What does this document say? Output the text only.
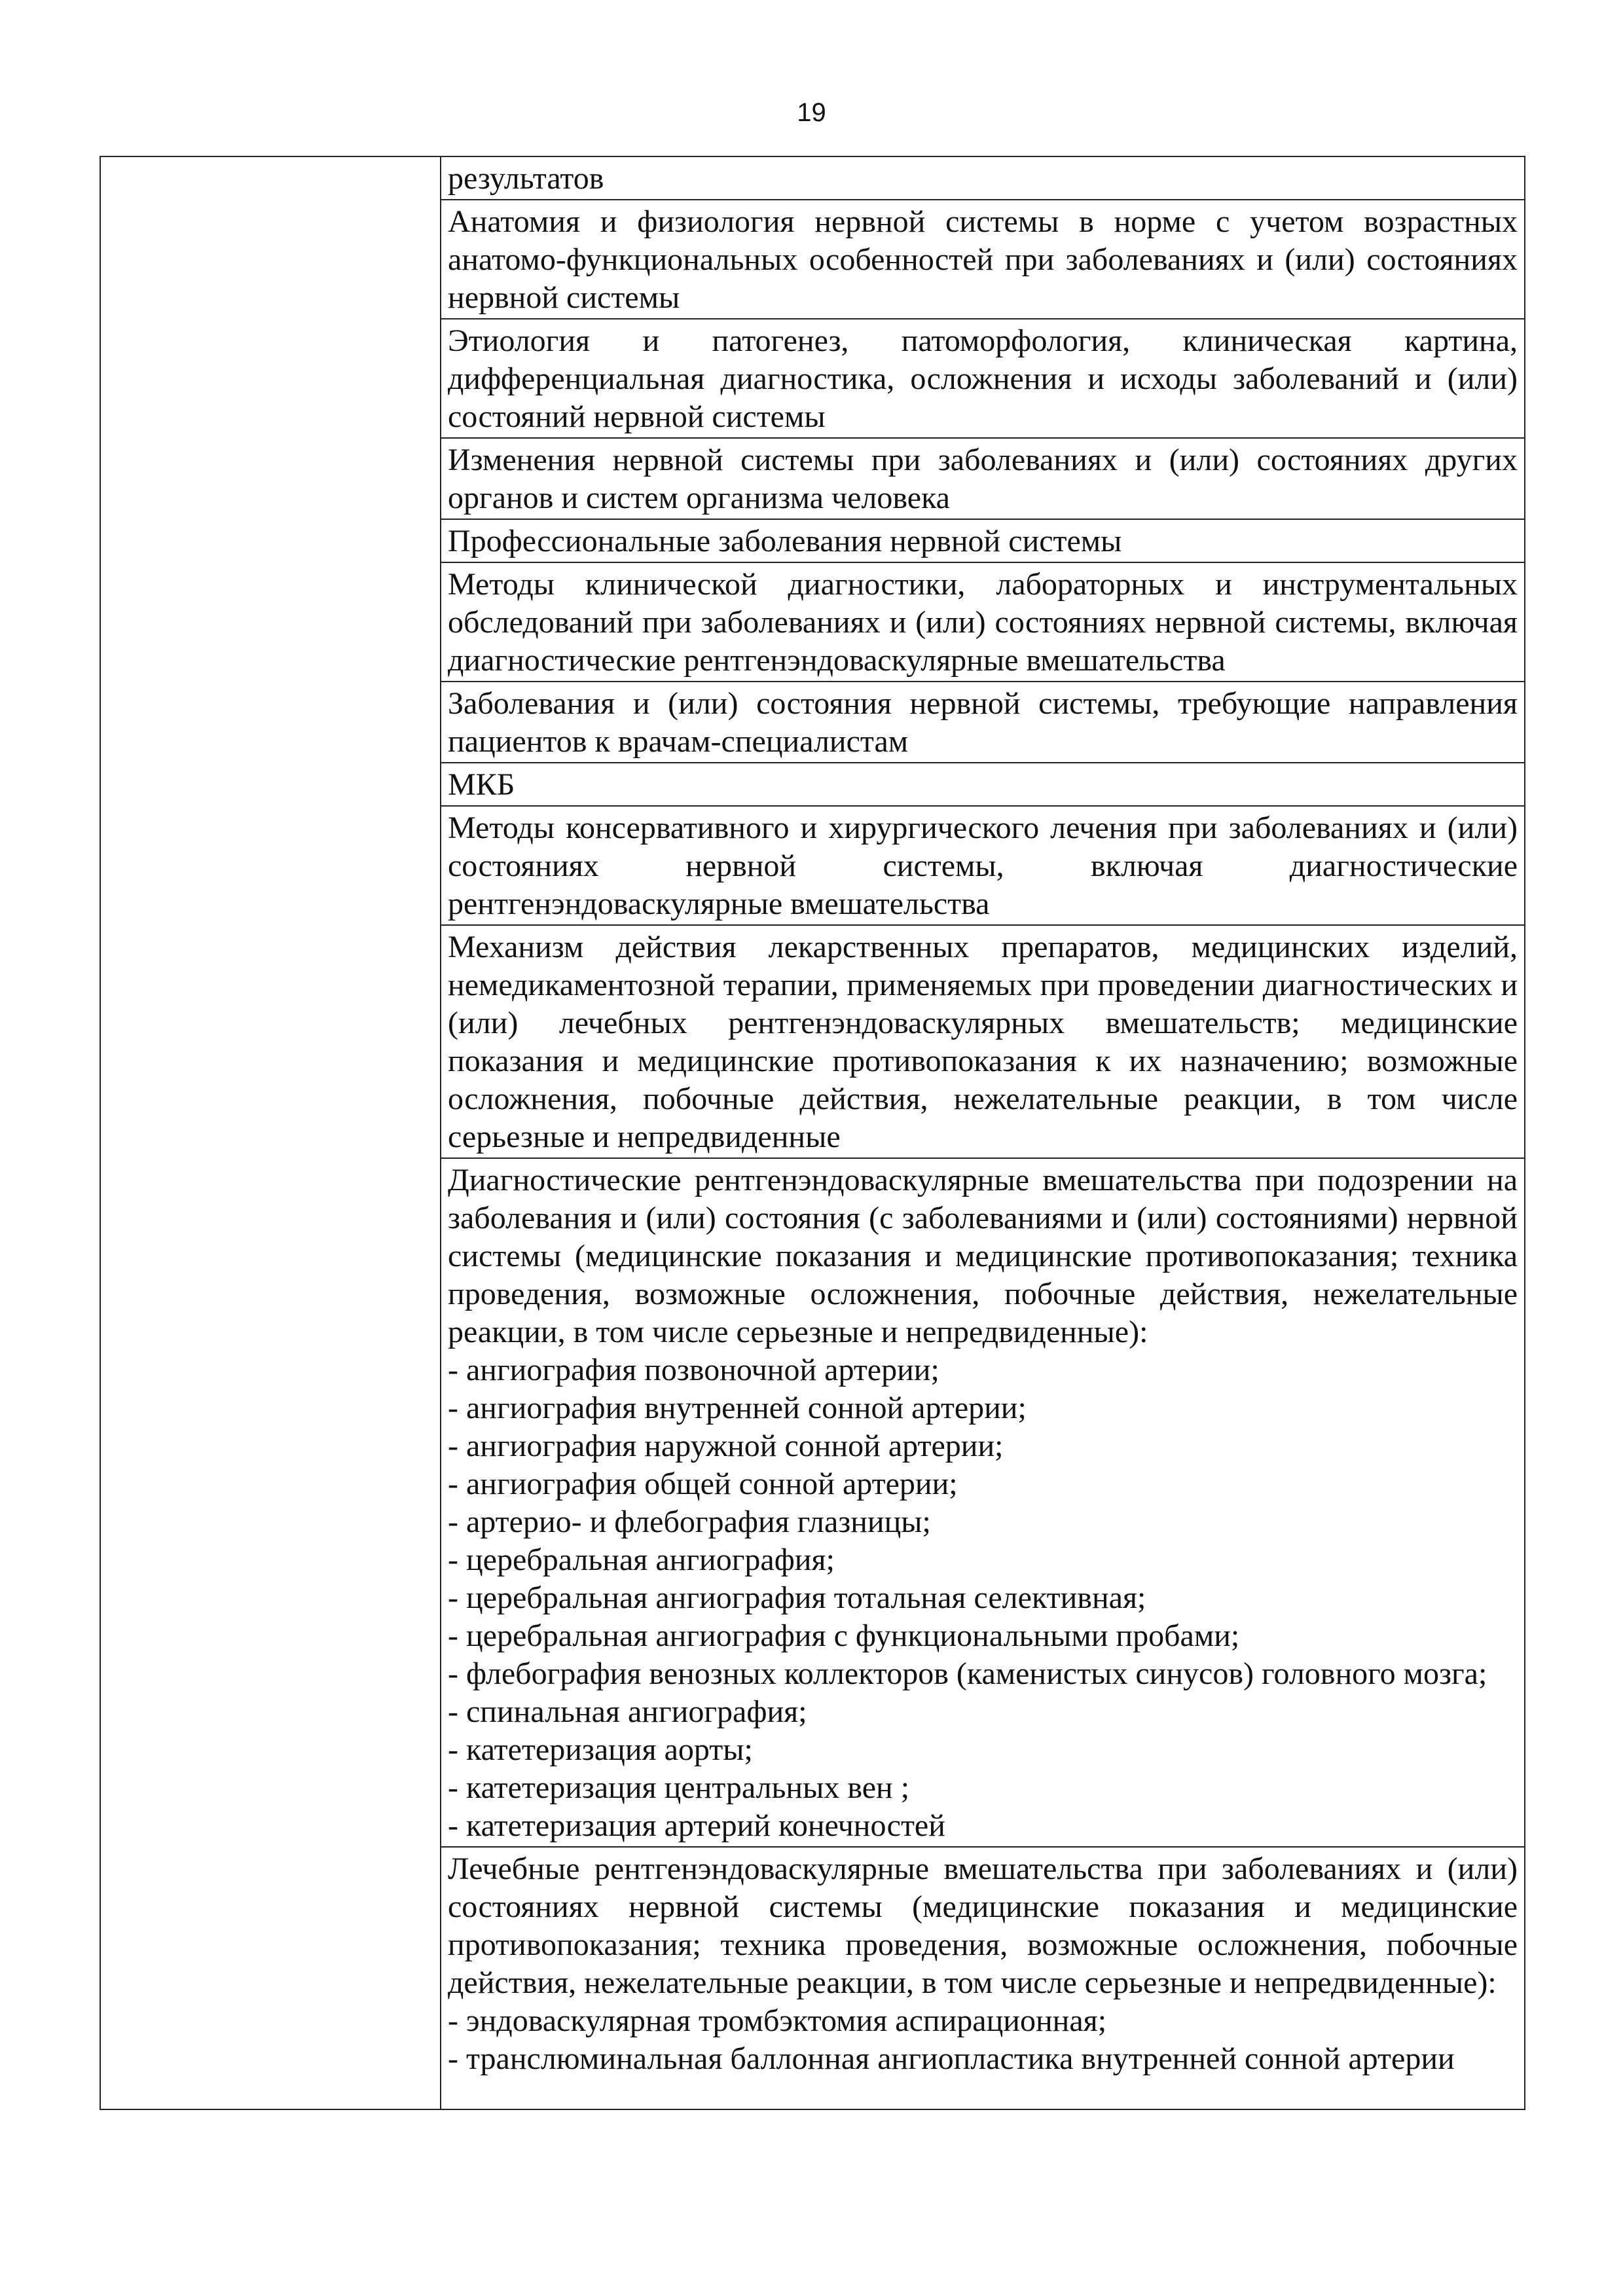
19

результатов
Анатомия и физиология нервной системы в норме с учетом возрастных анатомо-функциональных особенностей при заболеваниях и (или) состояниях нервной системы
Этиология и патогенез, патоморфология, клиническая картина, дифференциальная диагностика, осложнения и исходы заболеваний и (или) состояний нервной системы
Изменения нервной системы при заболеваниях и (или) состояниях других органов и систем организма человека
Профессиональные заболевания нервной системы
Методы клинической диагностики, лабораторных и инструментальных обследований при заболеваниях и (или) состояниях нервной системы, включая диагностические рентгенэндоваскулярные вмешательства
Заболевания и (или) состояния нервной системы, требующие направления пациентов к врачам-специалистам
МКБ
Методы консервативного и хирургического лечения при заболеваниях и (или) состояниях нервной системы, включая диагностические рентгенэндоваскулярные вмешательства
Механизм действия лекарственных препаратов, медицинских изделий, немедикаментозной терапии, применяемых при проведении диагностических и (или) лечебных рентгенэндоваскулярных вмешательств; медицинские показания и медицинские противопоказания к их назначению; возможные осложнения, побочные действия, нежелательные реакции, в том числе серьезные и непредвиденные
Диагностические рентгенэндоваскулярные вмешательства при подозрении на заболевания и (или) состояния (с заболеваниями и (или) состояниями) нервной системы (медицинские показания и медицинские противопоказания; техника проведения, возможные осложнения, побочные действия, нежелательные реакции, в том числе серьезные и непредвиденные):
- ангиография позвоночной артерии;
- ангиография внутренней сонной артерии;
- ангиография наружной сонной артерии;
- ангиография общей сонной артерии;
- артерио- и флебография глазницы;
- церебральная ангиография;
- церебральная ангиография тотальная селективная;
- церебральная ангиография с функциональными пробами;
- флебография венозных коллекторов (каменистых синусов) головного мозга;
- спинальная ангиография;
- катетеризация аорты;
- катетеризация центральных вен ;
- катетеризация артерий конечностей
Лечебные рентгенэндоваскулярные вмешательства при заболеваниях и (или) состояниях нервной системы (медицинские показания и медицинские противопоказания; техника проведения, возможные осложнения, побочные действия, нежелательные реакции, в том числе серьезные и непредвиденные):
- эндоваскулярная тромбэктомия аспирационная;
- транслюминальная баллонная ангиопластика внутренней сонной артерии
